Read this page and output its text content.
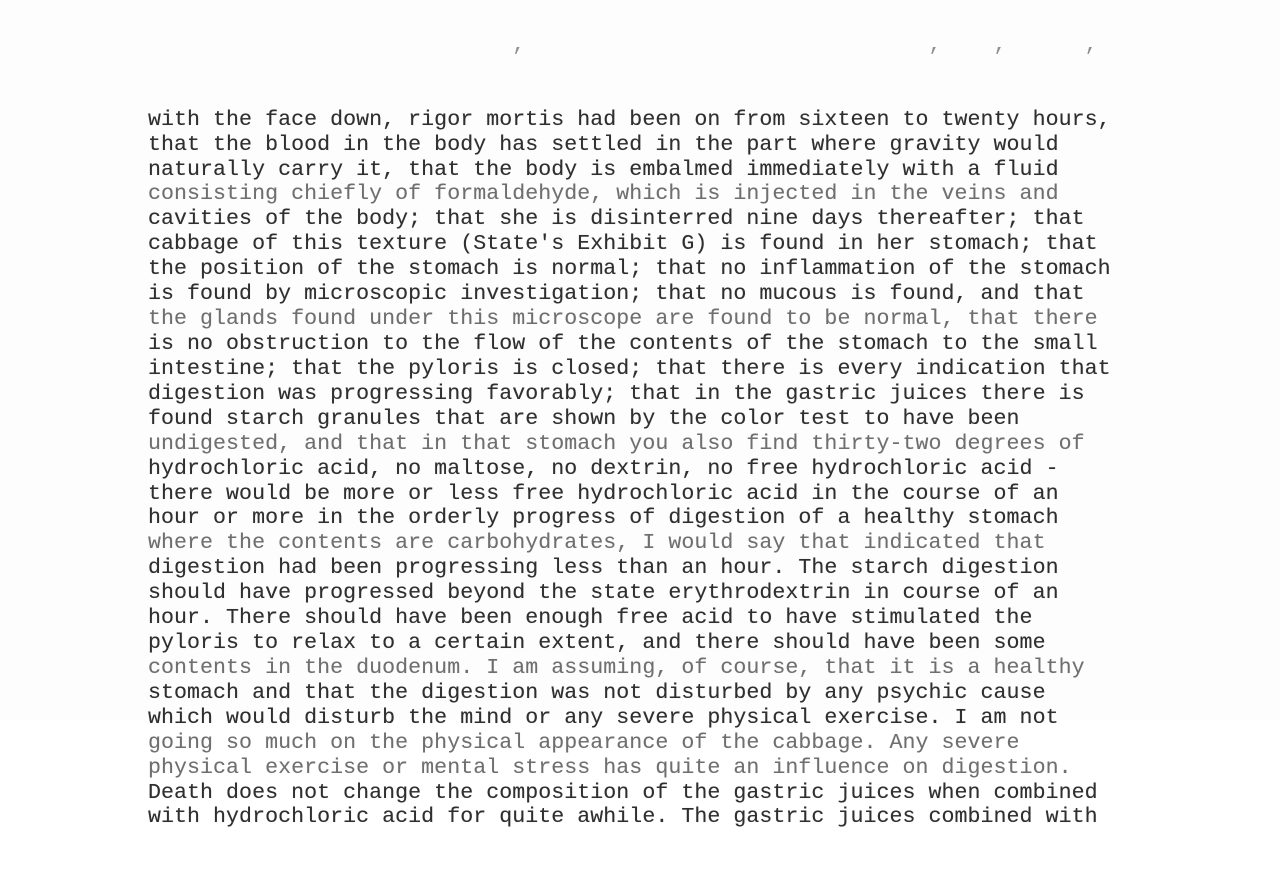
,                               ,    ,      ,

with the face down, rigor mortis had been on from sixteen to twenty hours,
that the blood in the body has settled in the part where gravity would
naturally carry it, that the body is embalmed immediately with a fluid
consisting chiefly of formaldehyde, which is injected in the veins and
cavities of the body; that she is disinterred nine days thereafter; that
cabbage of this texture (State's Exhibit G) is found in her stomach; that
the position of the stomach is normal; that no inflammation of the stomach
is found by microscopic investigation; that no mucous is found, and that
the glands found under this microscope are found to be normal, that there
is no obstruction to the flow of the contents of the stomach to the small
intestine; that the pyloris is closed; that there is every indication that
digestion was progressing favorably; that in the gastric juices there is
found starch granules that are shown by the color test to have been
undigested, and that in that stomach you also find thirty-two degrees of
hydrochloric acid, no maltose, no dextrin, no free hydrochloric acid -
there would be more or less free hydrochloric acid in the course of an
hour or more in the orderly progress of digestion of a healthy stomach
where the contents are carbohydrates, I would say that indicated that
digestion had been progressing less than an hour. The starch digestion
should have progressed beyond the state erythrodextrin in course of an
hour. There should have been enough free acid to have stimulated the
pyloris to relax to a certain extent, and there should have been some
contents in the duodenum. I am assuming, of course, that it is a healthy
stomach and that the digestion was not disturbed by any psychic cause
which would disturb the mind or any severe physical exercise. I am not
going so much on the physical appearance of the cabbage. Any severe
physical exercise or mental stress has quite an influence on digestion.
Death does not change the composition of the gastric juices when combined
with hydrochloric acid for quite awhile. The gastric juices combined with
